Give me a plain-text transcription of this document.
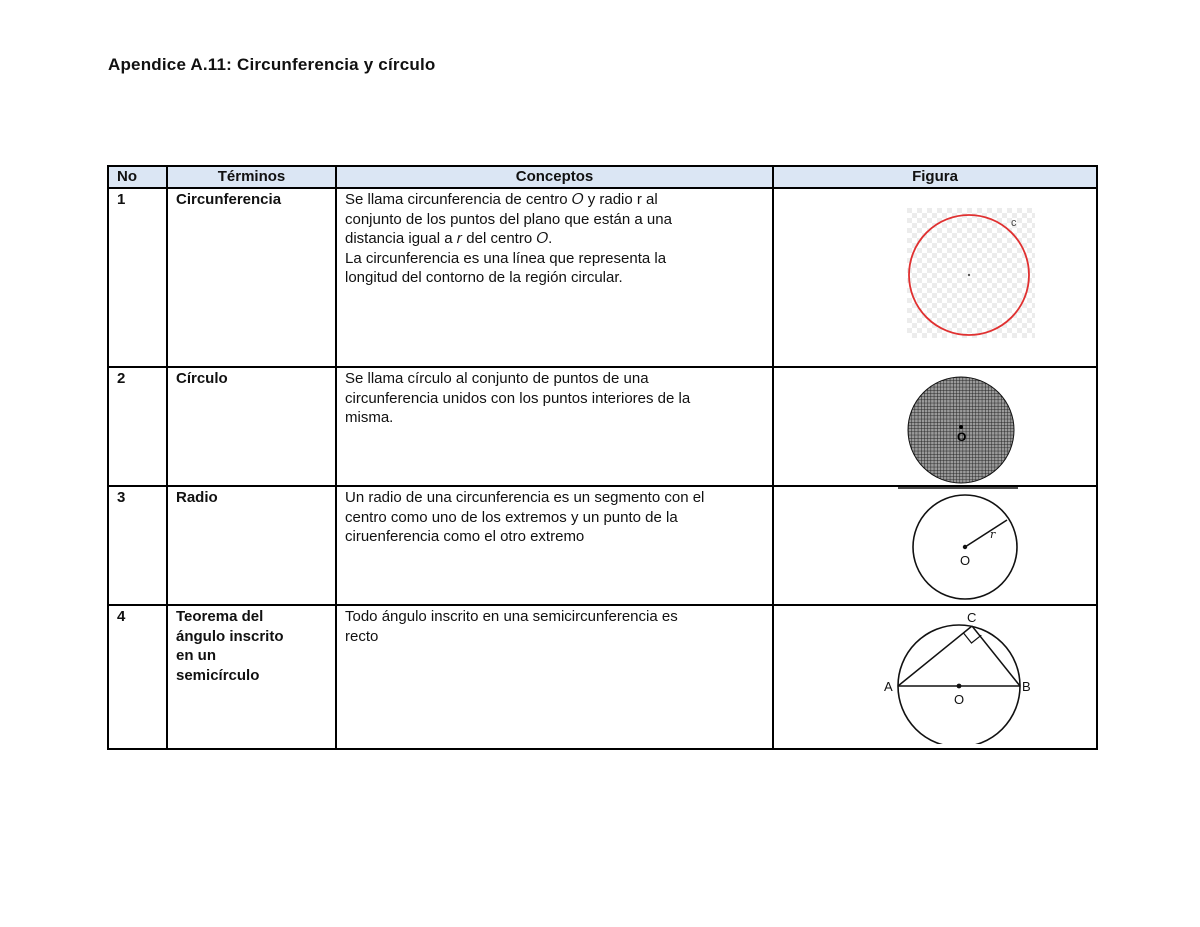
Apendice A.11: Circunferencia y círculo
No	Términos	Conceptos	Figura
1	Circunferencia	Se llama circunferencia de centro 𝑂 y radio r al
conjunto de los puntos del plano que están a una
distancia igual a 𝑟 del centro 𝑂.
La circunferencia es una línea que representa la
longitud del contorno de la región circular.	c

2	Círculo	Se llama círculo al conjunto de puntos de una
circunferencia unidos con los puntos interiores de la
misma.	O

3	Radio	Un radio de una circunferencia es un segmento con el
centro como uno de los extremos y un punto de la
ciruenferencia como el otro extremo	O
r

4	Teorema del
ángulo inscrito
en un
semicírculo	Todo ángulo inscrito en una semicircunferencia es
recto	A B
C
O
